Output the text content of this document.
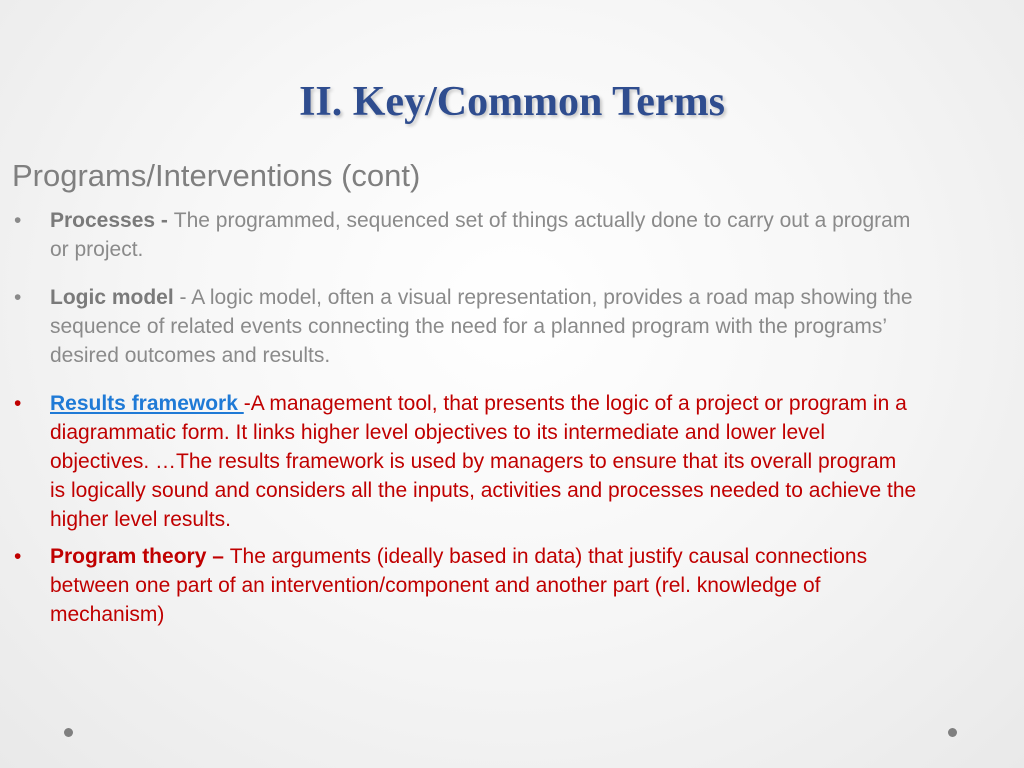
II. Key/Common Terms
Programs/Interventions (cont)
• Processes - The programmed, sequenced set of things actually done to carry out a program or project.
• Logic model - A logic model, often a visual representation, provides a road map showing the sequence of related events connecting the need for a planned program with the programs’ desired outcomes and results.
• Results framework -A management tool, that presents the logic of a project or program in a diagrammatic form. It links higher level objectives to its intermediate and lower level objectives. …The results framework is used by managers to ensure that its overall program is logically sound and considers all the inputs, activities and processes needed to achieve the higher level results.
• Program theory – The arguments (ideally based in data) that justify causal connections between one part of an intervention/component and another part (rel. knowledge of mechanism)
